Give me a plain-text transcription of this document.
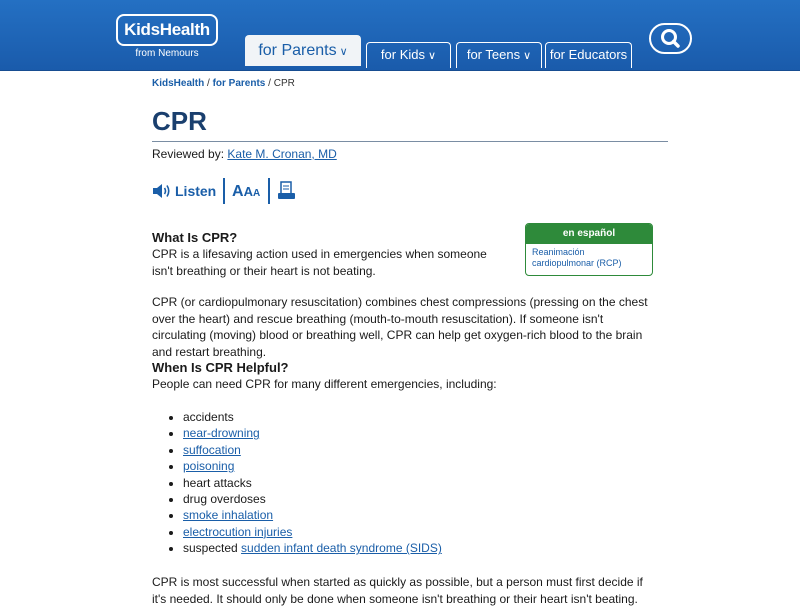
KidsHealth
from Nemours	for Parents ∨	for Kids ∨	for Teens ∨	for Educators
KidsHealth / for Parents / CPR
CPR
Reviewed by: Kate M. Cronan, MD
Listen AAA
en español
Reanimación cardiopulmonar (RCP)
What Is CPR?

CPR is a lifesaving action used in emergencies when someone isn't breathing or their heart is not beating.

CPR (or cardiopulmonary resuscitation) combines chest compressions (pressing on the chest over the heart) and rescue breathing (mouth-to-mouth resuscitation). If someone isn't circulating (moving) blood or breathing well, CPR can help get oxygen-rich blood to the brain and restart breathing.

When Is CPR Helpful?

People can need CPR for many different emergencies, including:

• accidents
• near-drowning
• suffocation
• poisoning
• heart attacks
• drug overdoses
• smoke inhalation
• electrocution injuries
• suspected sudden infant death syndrome (SIDS)

CPR is most successful when started as quickly as possible, but a person must first decide if it's needed. It should only be done when someone isn't breathing or their heart isn't beating.
